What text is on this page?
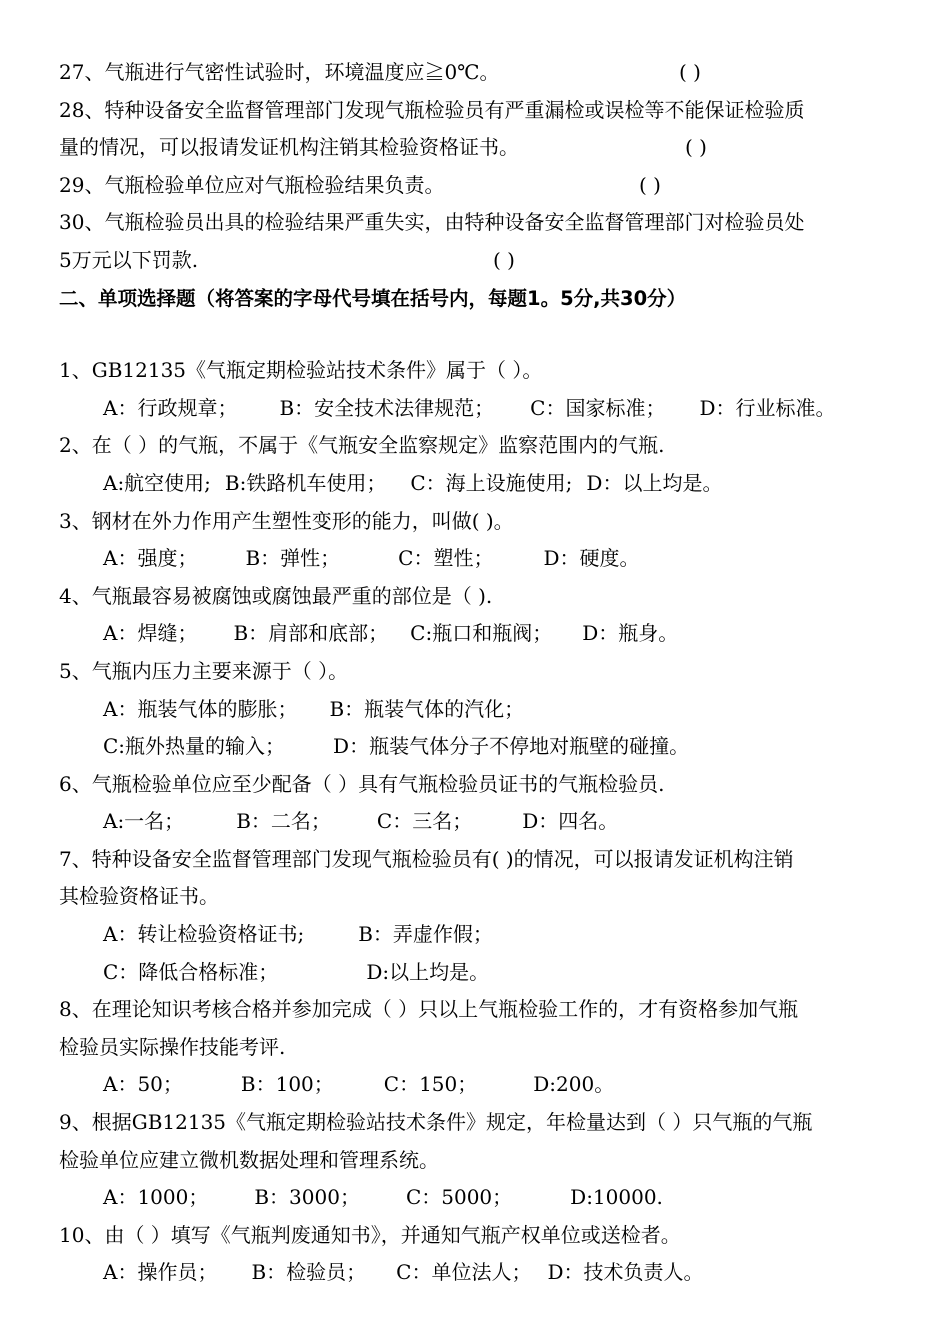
27、气瓶进行气密性试验时，环境温度应≧0℃。	( )
28、特种设备安全监督管理部门发现气瓶检验员有严重漏检或误检等不能保证检验质
量的情况，可以报请发证机构注销其检验资格证书。	( )
29、气瓶检验单位应对气瓶检验结果负责。	( )
30、气瓶检验员出具的检验结果严重失实，由特种设备安全监督管理部门对检验员处
5万元以下罚款.	( )
二、单项选择题（将答案的字母代号填在括号内，每题1。5分,共30分）
1、GB12135《气瓶定期检验站技术条件》属于（ ）。
A：行政规章； B：安全技术法律规范； C：国家标准； D：行业标准。
2、在（ ）的气瓶，不属于《气瓶安全监察规定》监察范围内的气瓶.
A:航空使用; B:铁路机车使用； C：海上设施使用; D：以上均是。
3、钢材在外力作用产生塑性变形的能力，叫做( )。
A：强度； B：弹性；	C：塑性；	D：硬度。
4、气瓶最容易被腐蚀或腐蚀最严重的部位是（ ).
A：焊缝； B：肩部和底部； C:瓶口和瓶阀； D：瓶身。
5、气瓶内压力主要来源于（ ）。
A：瓶装气体的膨胀； B：瓶装气体的汽化；
C:瓶外热量的输入； D：瓶装气体分子不停地对瓶壁的碰撞。
6、气瓶检验单位应至少配备（ ）具有气瓶检验员证书的气瓶检验员.
A:一名；	B：二名； C：三名；	D：四名。
7、特种设备安全监督管理部门发现气瓶检验员有( )的情况，可以报请发证机构注销
其检验资格证书。
A：转让检验资格证书;	B：弄虚作假；
C：降低合格标准；	D:以上均是。
8、在理论知识考核合格并参加完成（ ）只以上气瓶检验工作的，才有资格参加气瓶
检验员实际操作技能考评.
A：50；	B：100；	C：150；	D:200。
9、根据GB12135《气瓶定期检验站技术条件》规定，年检量达到（ ）只气瓶的气瓶
检验单位应建立微机数据处理和管理系统。
A：1000； B：3000； C：5000；	D:10000.
10、由（ ）填写《气瓶判废通知书》，并通知气瓶产权单位或送检者。
A：操作员； B：检验员； C：单位法人； D：技术负责人。
